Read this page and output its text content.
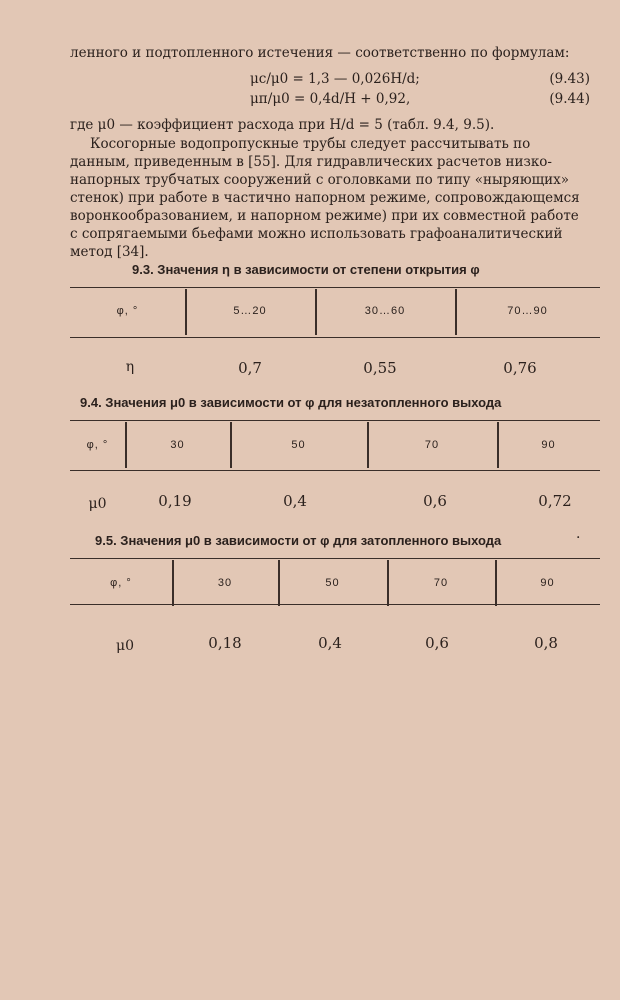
ленного и подтопленного истечения — соответственно по формулам:
μс/μ0 = 1,3 — 0,026H/d;	(9.43)
μп/μ0 = 0,4d/H + 0,92,	(9.44)
где μ0 — коэффициент расхода при H/d = 5 (табл. 9.4, 9.5).
Косогорные водопропускные трубы следует рассчитывать по
данным, приведенным в [55]. Для гидравлических расчетов низко-
напорных трубчатых сооружений с оголовками по типу «ныряющих»
стенок) при работе в частично напорном режиме, сопровождающемся
воронкообразованием, и напорном режиме) при их совместной работе
с сопрягаемыми бьефами можно использовать графоаналитический
метод [34].
9.3. Значения η в зависимости от степени открытия φ
φ, °	5…20	30…60	70…90
η	0,7	0,55	0,76
9.4. Значения μ0 в зависимости от φ для незатопленного выхода
φ, °	30	50	70	90
μ0	0,19	0,4	0,6	0,72
9.5. Значения μ0 в зависимости от φ для затопленного выхода	·
φ, °	30	50	70	90
μ0	0,18	0,4	0,6	0,8
